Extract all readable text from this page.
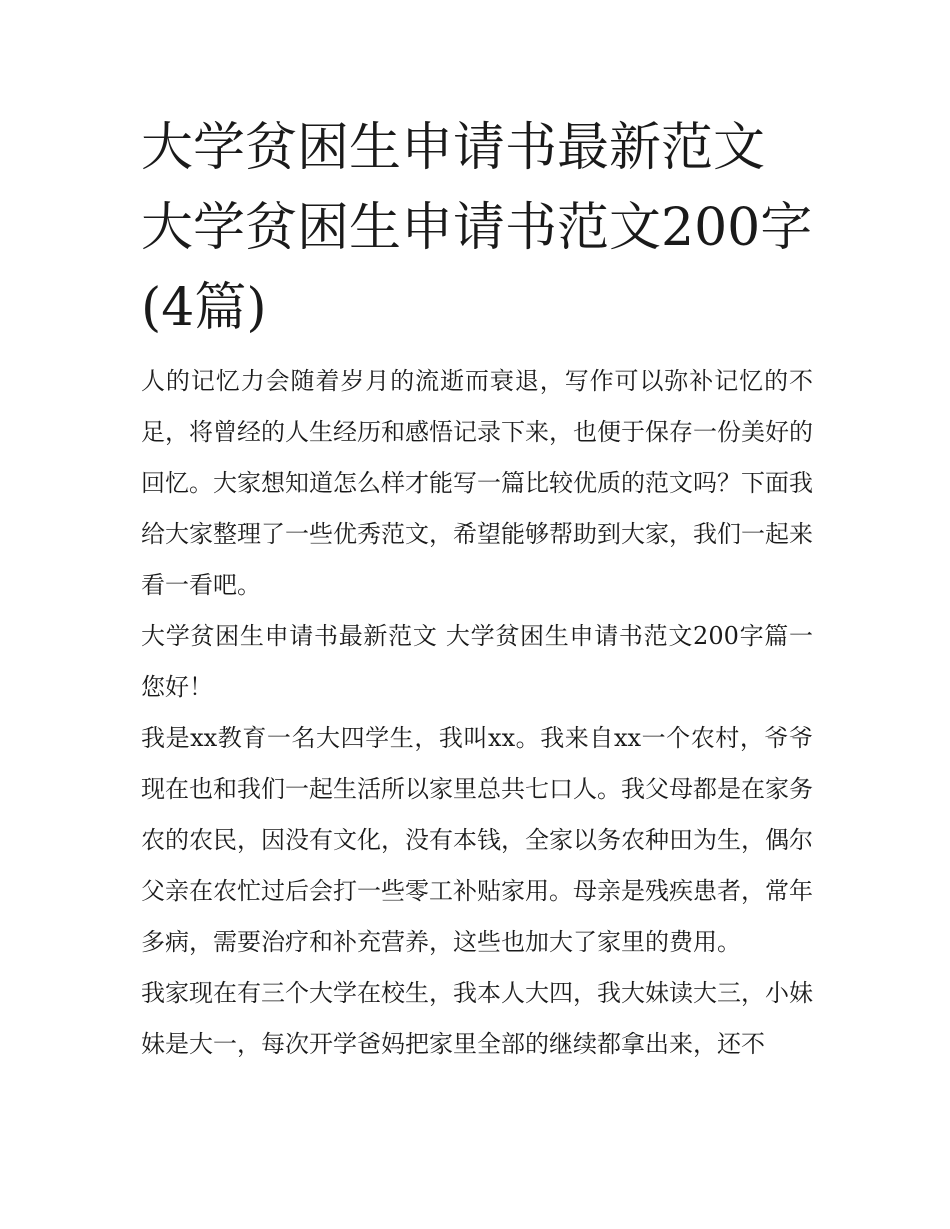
大学贫困生申请书最新范文 大学贫困生申请书范文200字(4篇)

人的记忆力会随着岁月的流逝而衰退，写作可以弥补记忆的不足，将曾经的人生经历和感悟记录下来，也便于保存一份美好的回忆。大家想知道怎么样才能写一篇比较优质的范文吗？下面我给大家整理了一些优秀范文，希望能够帮助到大家，我们一起来看一看吧。

大学贫困生申请书最新范文 大学贫困生申请书范文200字篇一 您好！

我是xx教育一名大四学生，我叫xx。我来自xx一个农村，爷爷现在也和我们一起生活所以家里总共七口人。我父母都是在家务农的农民，因没有文化，没有本钱，全家以务农种田为生，偶尔父亲在农忙过后会打一些零工补贴家用。母亲是残疾患者，常年多病，需要治疗和补充营养，这些也加大了家里的费用。

我家现在有三个大学在校生，我本人大四，我大妹读大三，小妹妹是大一，每次开学爸妈把家里全部的继续都拿出来，还不
